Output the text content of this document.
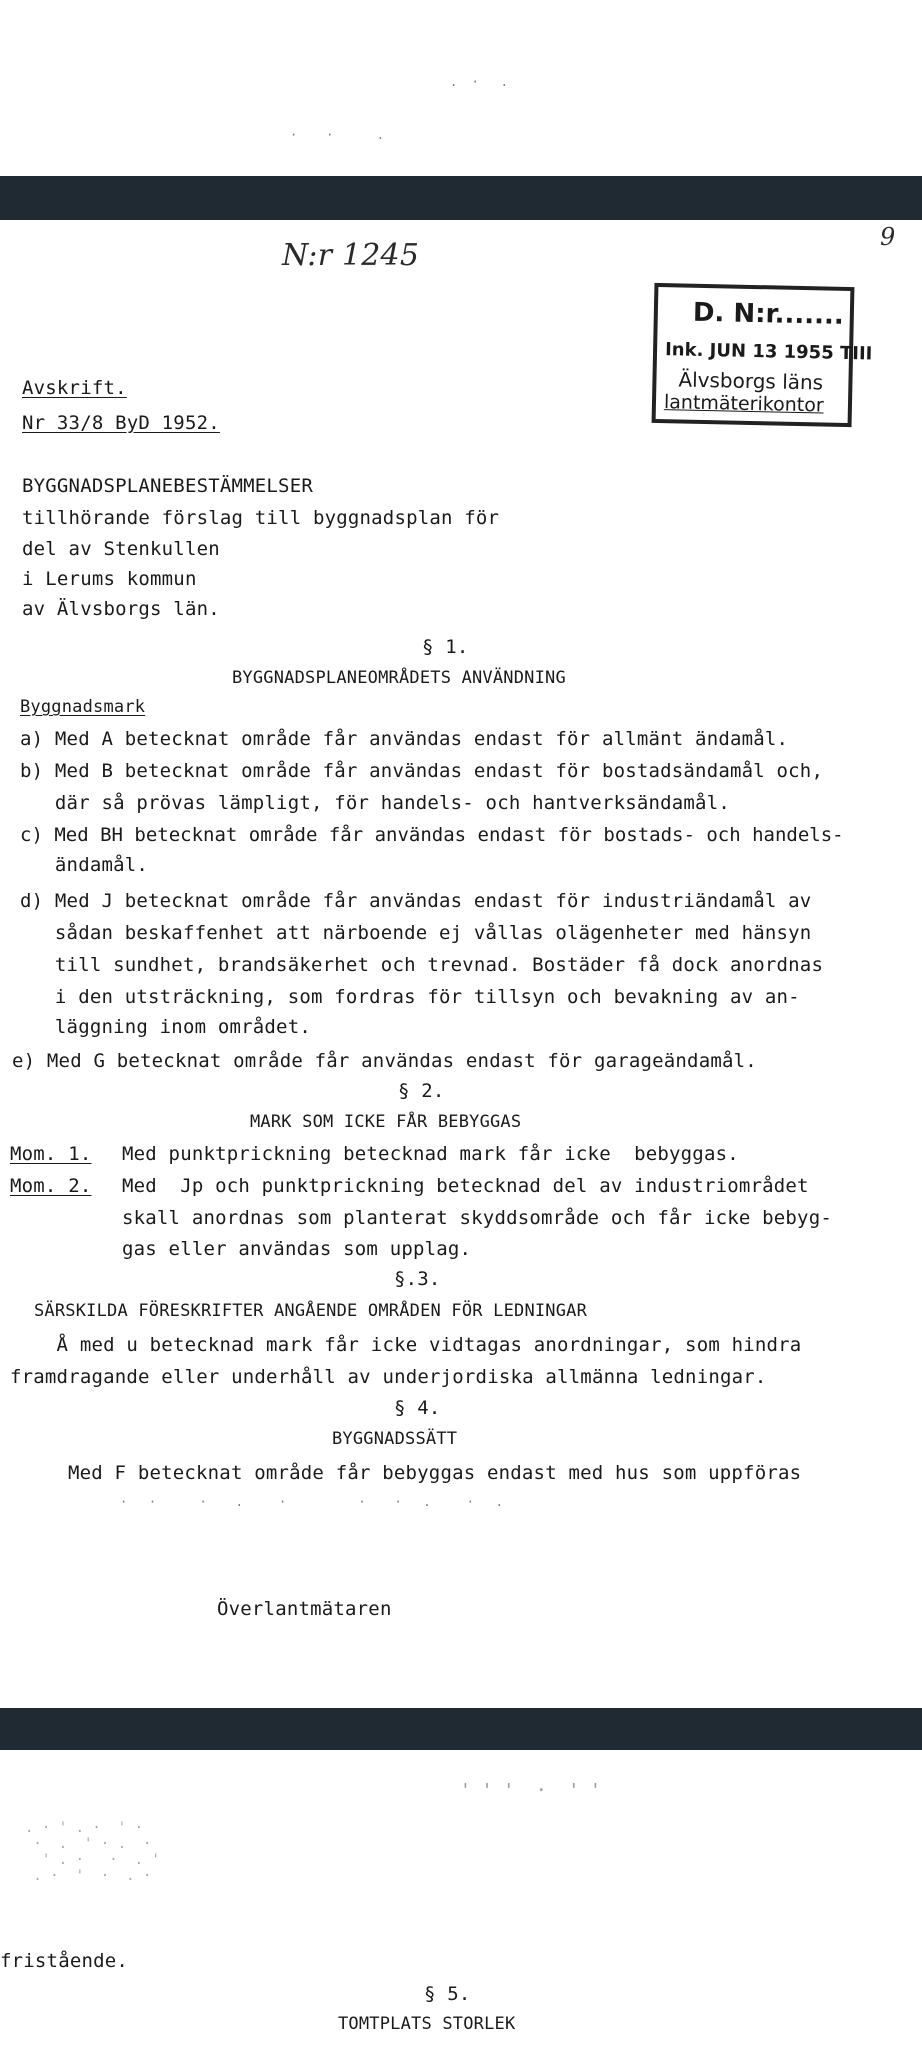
.  ·   .
·    ·      .
N:r 1245
9
D. N:r.......
Ink. JUN 13 1955 TIII
Älvsborgs läns
lantmäterikontor
Avskrift.
Nr 33/8 ByD 1952.
BYGGNADSPLANEBESTÄMMELSER
tillhörande förslag till byggnadsplan för
del av Stenkullen
i Lerums kommun
av Älvsborgs län.
§ 1.
BYGGNADSPLANEOMRÅDETS ANVÄNDNING
Byggnadsmark
a) Med A betecknat område får användas endast för allmänt ändamål.
b) Med B betecknat område får användas endast för bostadsändamål och,
där så prövas lämpligt, för handels- och hantverksändamål.
c) Med BH betecknat område får användas endast för bostads- och handels-
ändamål.
d) Med J betecknat område får användas endast för industriändamål av
sådan beskaffenhet att närboende ej vållas olägenheter med hänsyn
till sundhet, brandsäkerhet och trevnad. Bostäder få dock anordnas
i den utsträckning, som fordras för tillsyn och bevakning av an-
läggning inom området.
e) Med G betecknat område får användas endast för garageändamål.
§ 2.
MARK SOM ICKE FÅR BEBYGGAS
Mom. 1. Med punktprickning betecknad mark får icke  bebyggas.
Mom. 2. Med  Jp och punktprickning betecknad del av industriområdet
skall anordnas som planterat skyddsområde och får icke bebyg-
gas eller användas som upplag.
§.3.
SÄRSKILDA FÖRESKRIFTER ANGÅENDE OMRÅDEN FÖR LEDNINGAR
Å med u betecknad mark får icke vidtagas anordningar, som hindra
framdragande eller underhåll av underjordiska allmänna ledningar.
§ 4.
BYGGNADSSÄTT
Med F betecknat område får bebyggas endast med hus som uppföras
·   ·      ·    .     ·          ·    ·   .     ·   .
Överlantmätaren
' ' '  ·  ' '
. · ' . ·  ' ·
·  .  ' · .  ·
' . ·   ·  . '
. ·  '  ·  . ·
fristående.
§ 5.
TOMTPLATS STORLEK
